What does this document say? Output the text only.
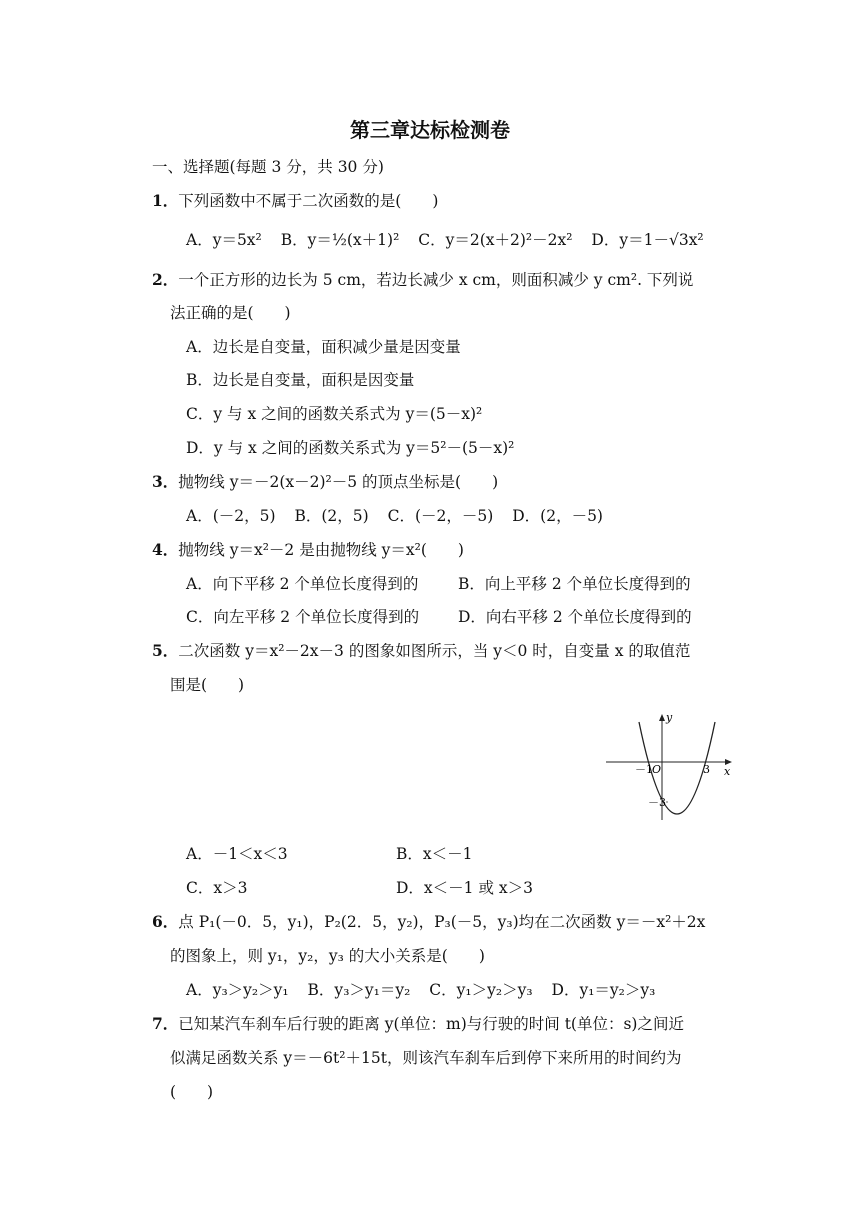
第三章达标检测卷
一、选择题(每题 3 分，共 30 分)
1．下列函数中不属于二次函数的是(　　)
A．y＝5x² B．y＝½(x＋1)² C．y＝2(x＋2)²－2x² D．y＝1－√3x²
2．一个正方形的边长为 5 cm，若边长减少 x cm，则面积减少 y cm². 下列说
法正确的是(　　)
A．边长是自变量，面积减少量是因变量
B．边长是自变量，面积是因变量
C．y 与 x 之间的函数关系式为 y＝(5－x)²
D．y 与 x 之间的函数关系式为 y＝5²－(5－x)²
3．抛物线 y＝－2(x－2)²－5 的顶点坐标是(　　)
A．(－2，5) B．(2，5) C．(－2，－5) D．(2，－5)
4．抛物线 y＝x²－2 是由抛物线 y＝x²(　　)
A．向下平移 2 个单位长度得到的	B．向上平移 2 个单位长度得到的
C．向左平移 2 个单位长度得到的	D．向右平移 2 个单位长度得到的
5．二次函数 y＝x²－2x－3 的图象如图所示，当 y＜0 时，自变量 x 的取值范
围是(　　)
y
x
－1 O	3
－3
A．－1＜x＜3	B．x＜－1
C．x＞3	D．x＜－1 或 x＞3
6．点 P₁(－0．5，y₁)，P₂(2．5，y₂)，P₃(－5，y₃)均在二次函数 y＝－x²＋2x
的图象上，则 y₁，y₂，y₃ 的大小关系是(　　)
A．y₃＞y₂＞y₁ B．y₃＞y₁＝y₂ C．y₁＞y₂＞y₃ D．y₁＝y₂＞y₃
7．已知某汽车刹车后行驶的距离 y(单位：m)与行驶的时间 t(单位：s)之间近
似满足函数关系 y＝－6t²＋15t，则该汽车刹车后到停下来所用的时间约为
(　　)
